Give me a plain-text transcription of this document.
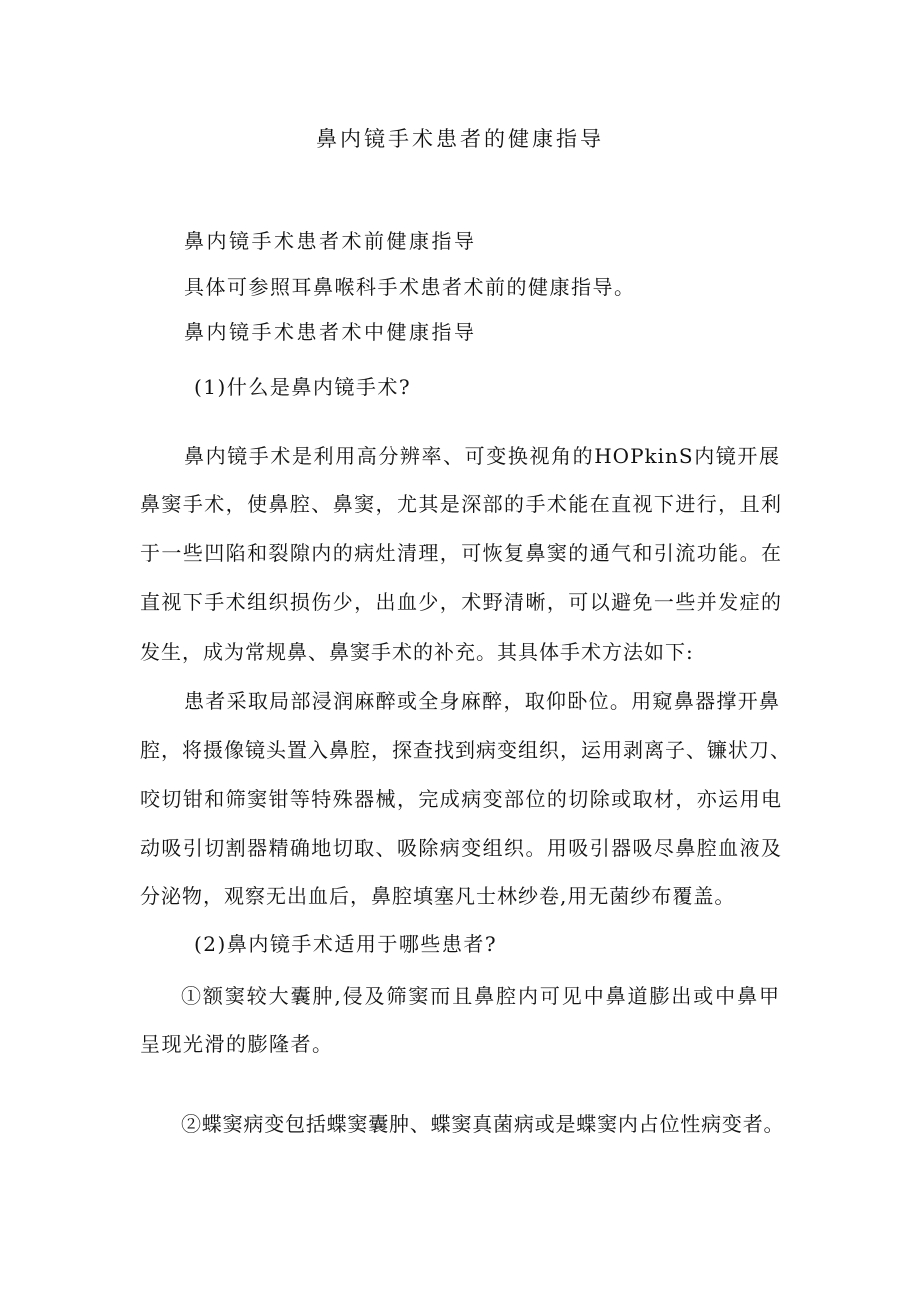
鼻内镜手术患者的健康指导
鼻内镜手术患者术前健康指导
具体可参照耳鼻喉科手术患者术前的健康指导。
鼻内镜手术患者术中健康指导
(1)什么是鼻内镜手术?
鼻内镜手术是利用高分辨率、可变换视角的HOPkinS内镜开展
鼻窦手术，使鼻腔、鼻窦，尤其是深部的手术能在直视下进行，且利
于一些凹陷和裂隙内的病灶清理，可恢复鼻窦的通气和引流功能。在
直视下手术组织损伤少，出血少，术野清晰，可以避免一些并发症的
发生，成为常规鼻、鼻窦手术的补充。其具体手术方法如下:
患者采取局部浸润麻醉或全身麻醉，取仰卧位。用窥鼻器撑开鼻
腔，将摄像镜头置入鼻腔，探查找到病变组织，运用剥离子、镰状刀、
咬切钳和筛窦钳等特殊器械，完成病变部位的切除或取材，亦运用电
动吸引切割器精确地切取、吸除病变组织。用吸引器吸尽鼻腔血液及
分泌物，观察无出血后，鼻腔填塞凡士林纱卷,用无菌纱布覆盖。
(2)鼻内镜手术适用于哪些患者?
①额窦较大囊肿,侵及筛窦而且鼻腔内可见中鼻道膨出或中鼻甲
呈现光滑的膨隆者。
②蝶窦病变包括蝶窦囊肿、蝶窦真菌病或是蝶窦内占位性病变者。
